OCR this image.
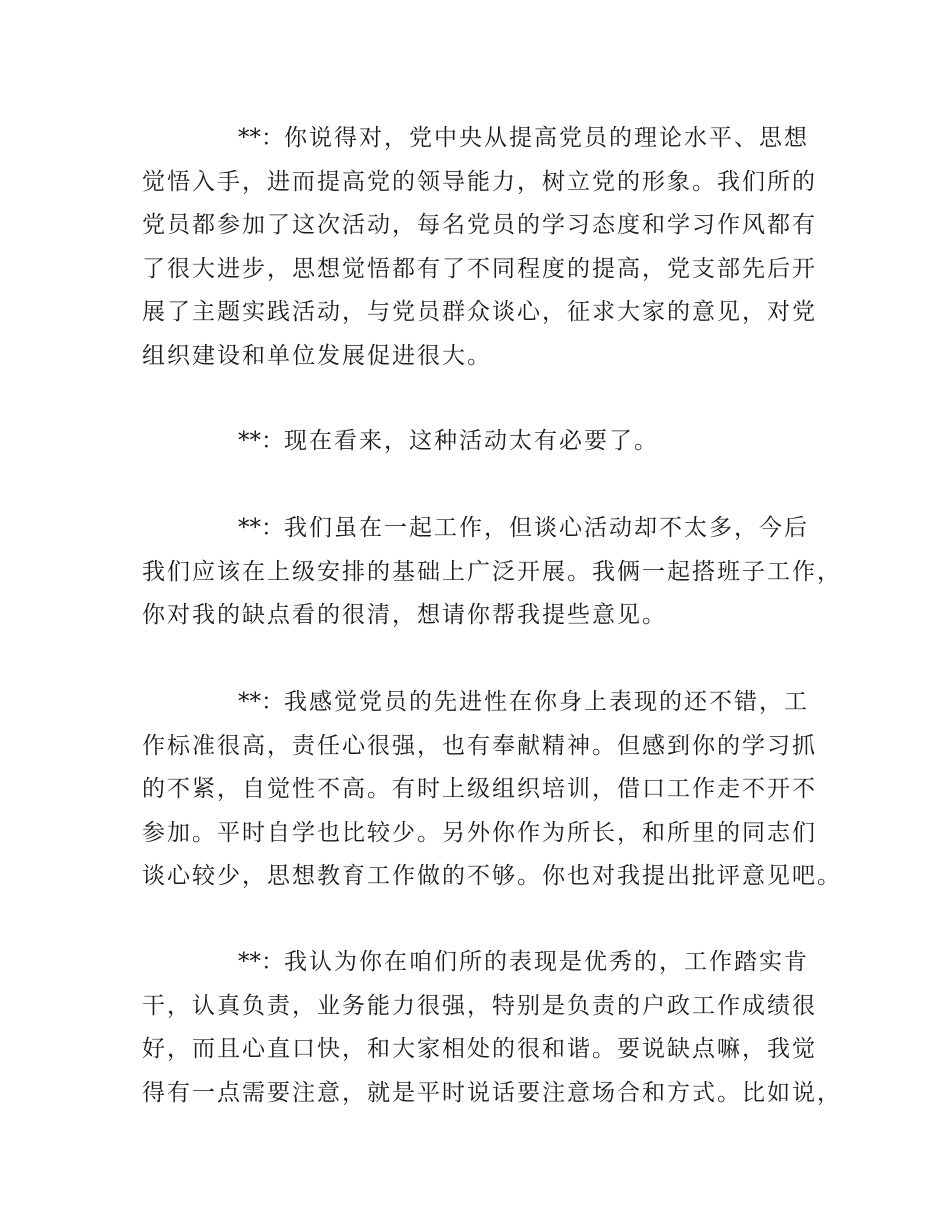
**：你说得对，党中央从提高党员的理论水平、思想
觉悟入手，进而提高党的领导能力，树立党的形象。我们所的
党员都参加了这次活动，每名党员的学习态度和学习作风都有
了很大进步，思想觉悟都有了不同程度的提高，党支部先后开
展了主题实践活动，与党员群众谈心，征求大家的意见，对党
组织建设和单位发展促进很大。
**：现在看来，这种活动太有必要了。
**：我们虽在一起工作，但谈心活动却不太多，今后
我们应该在上级安排的基础上广泛开展。我俩一起搭班子工作，
你对我的缺点看的很清，想请你帮我提些意见。
**：我感觉党员的先进性在你身上表现的还不错，工
作标准很高，责任心很强，也有奉献精神。但感到你的学习抓
的不紧，自觉性不高。有时上级组织培训，借口工作走不开不
参加。平时自学也比较少。另外你作为所长，和所里的同志们
谈心较少，思想教育工作做的不够。你也对我提出批评意见吧。
**：我认为你在咱们所的表现是优秀的，工作踏实肯
干，认真负责，业务能力很强，特别是负责的户政工作成绩很
好，而且心直口快，和大家相处的很和谐。要说缺点嘛，我觉
得有一点需要注意，就是平时说话要注意场合和方式。比如说，
